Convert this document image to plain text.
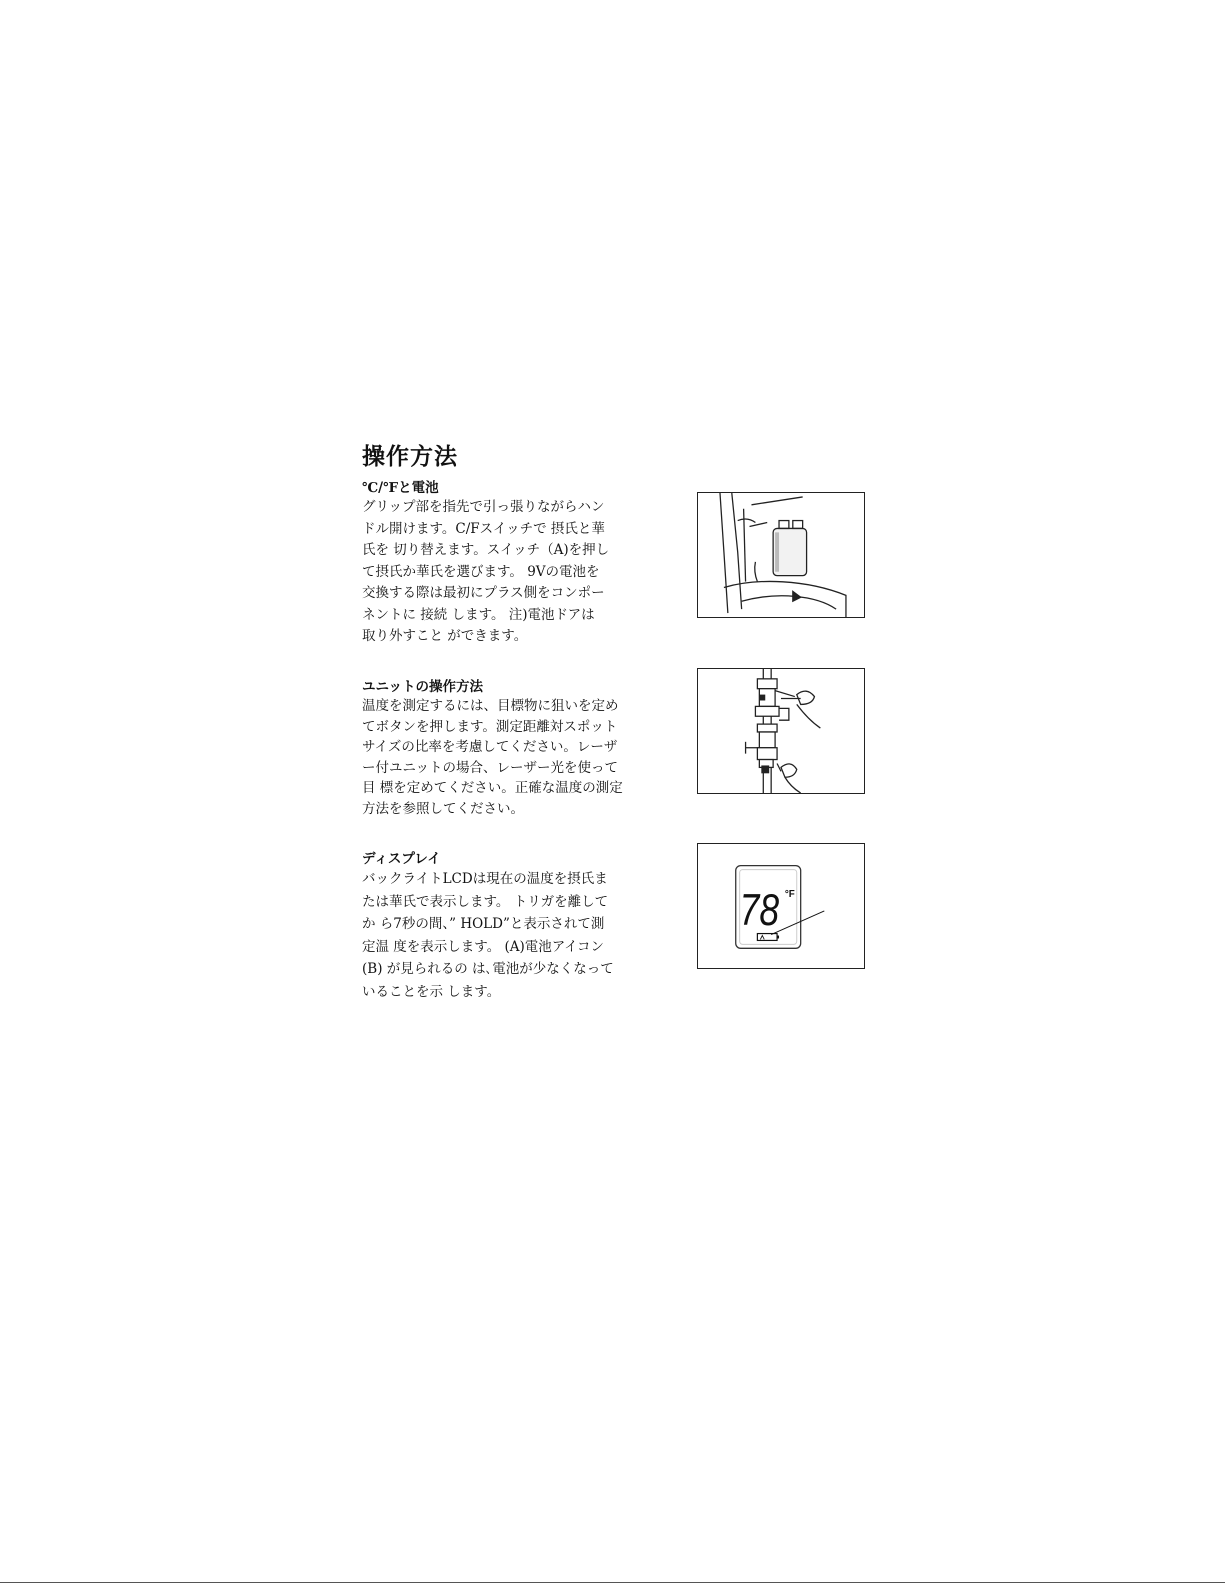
操作方法
℃/℉と電池
グリップ部を指先で引っ張りながらハン
ドル開けます。C/Fスイッチで 摂氏と華
氏を 切り替えます。スイッチ（A)を押し
て摂氏か華氏を選びます。 9Vの電池を
交換する際は最初にプラス側をコンポー
ネントに 接続 します。 注)電池ドアは
取り外すこと ができます。
ユニットの操作方法
温度を測定するには、目標物に狙いを定め
てボタンを押します。測定距離対スポット
サイズの比率を考慮してください。レーザ
ー付ユニットの場合、レーザー光を使って
目 標を定めてください。正確な温度の測定
方法を参照してください。
ディスプレイ
バックライトLCDは現在の温度を摂氏ま
たは華氏で表示します。 トリガを離して
か ら7秒の間、” HOLD”と表示されて測
定温 度を表示します。 (A)電池アイコン
(B) が見られるの は､電池が少なくなって
いることを示 します。
78 °F
